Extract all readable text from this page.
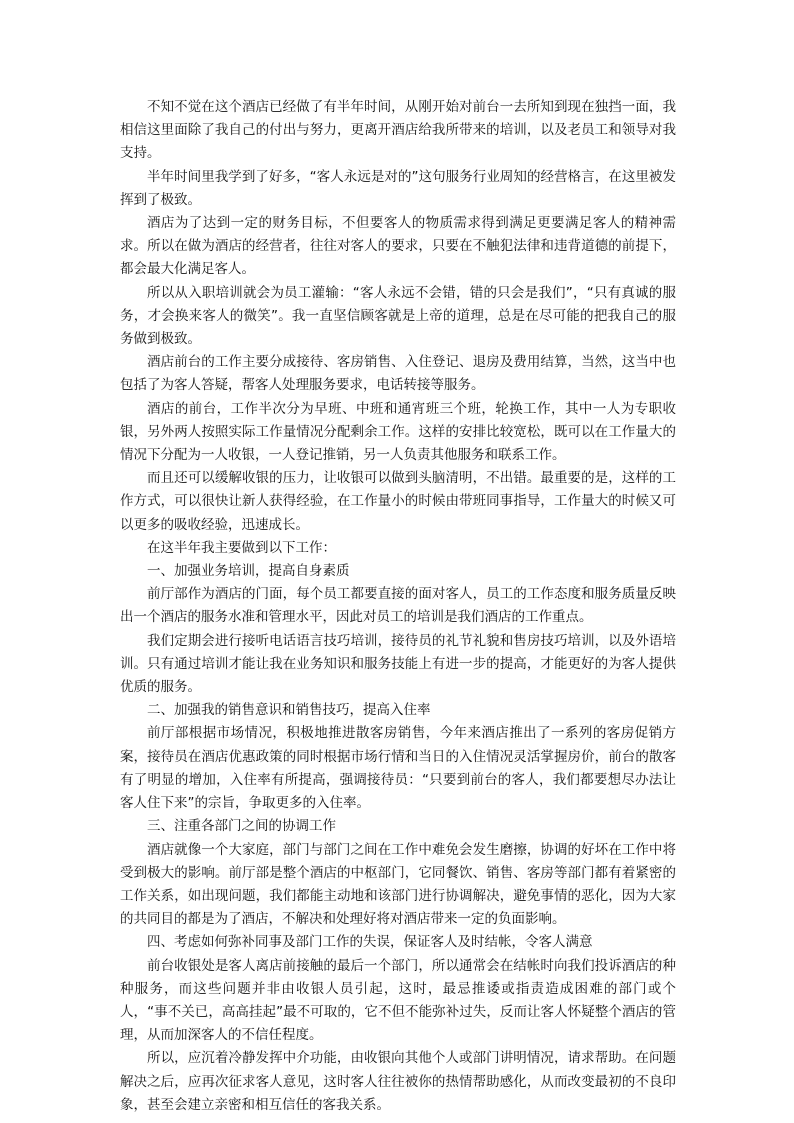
不知不觉在这个酒店已经做了有半年时间，从刚开始对前台一去所知到现在独挡一面，我相信这里面除了我自己的付出与努力，更离开酒店给我所带来的培训，以及老员工和领导对我支持。

半年时间里我学到了好多，“客人永远是对的”这句服务行业周知的经营格言，在这里被发挥到了极致。

酒店为了达到一定的财务目标，不但要客人的物质需求得到满足更要满足客人的精神需求。所以在做为酒店的经营者，往往对客人的要求，只要在不触犯法律和违背道德的前提下，都会最大化满足客人。

所以从入职培训就会为员工灌输：“客人永远不会错，错的只会是我们”，“只有真诚的服务，才会换来客人的微笑”。我一直坚信顾客就是上帝的道理，总是在尽可能的把我自己的服务做到极致。

酒店前台的工作主要分成接待、客房销售、入住登记、退房及费用结算，当然，这当中也包括了为客人答疑，帮客人处理服务要求，电话转接等服务。

酒店的前台，工作半次分为早班、中班和通宵班三个班，轮换工作，其中一人为专职收银，另外两人按照实际工作量情况分配剩余工作。这样的安排比较宽松，既可以在工作量大的情况下分配为一人收银，一人登记推销，另一人负责其他服务和联系工作。

而且还可以缓解收银的压力，让收银可以做到头脑清明，不出错。最重要的是，这样的工作方式，可以很快让新人获得经验，在工作量小的时候由带班同事指导，工作量大的时候又可以更多的吸收经验，迅速成长。

在这半年我主要做到以下工作：

一、加强业务培训，提高自身素质

前厅部作为酒店的门面，每个员工都要直接的面对客人，员工的工作态度和服务质量反映出一个酒店的服务水准和管理水平，因此对员工的培训是我们酒店的工作重点。

我们定期会进行接听电话语言技巧培训，接待员的礼节礼貌和售房技巧培训，以及外语培训。只有通过培训才能让我在业务知识和服务技能上有进一步的提高，才能更好的为客人提供优质的服务。

二、加强我的销售意识和销售技巧，提高入住率

前厅部根据市场情况，积极地推进散客房销售，今年来酒店推出了一系列的客房促销方案，接待员在酒店优惠政策的同时根据市场行情和当日的入住情况灵活掌握房价，前台的散客有了明显的增加，入住率有所提高，强调接待员：“只要到前台的客人，我们都要想尽办法让客人住下来”的宗旨，争取更多的入住率。

三、注重各部门之间的协调工作

酒店就像一个大家庭，部门与部门之间在工作中难免会发生磨擦，协调的好坏在工作中将受到极大的影响。前厅部是整个酒店的中枢部门，它同餐饮、销售、客房等部门都有着紧密的工作关系，如出现问题，我们都能主动地和该部门进行协调解决，避免事情的恶化，因为大家的共同目的都是为了酒店，不解决和处理好将对酒店带来一定的负面影响。

四、考虑如何弥补同事及部门工作的失误，保证客人及时结帐，令客人满意

前台收银处是客人离店前接触的最后一个部门，所以通常会在结帐时向我们投诉酒店的种种服务，而这些问题并非由收银人员引起，这时，最忌推诿或指责造成困难的部门或个人，“事不关已，高高挂起”最不可取的，它不但不能弥补过失，反而让客人怀疑整个酒店的管理，从而加深客人的不信任程度。

所以，应沉着冷静发挥中介功能，由收银向其他个人或部门讲明情况，请求帮助。在问题解决之后，应再次征求客人意见，这时客人往往被你的热情帮助感化，从而改变最初的不良印象，甚至会建立亲密和相互信任的客我关系。
